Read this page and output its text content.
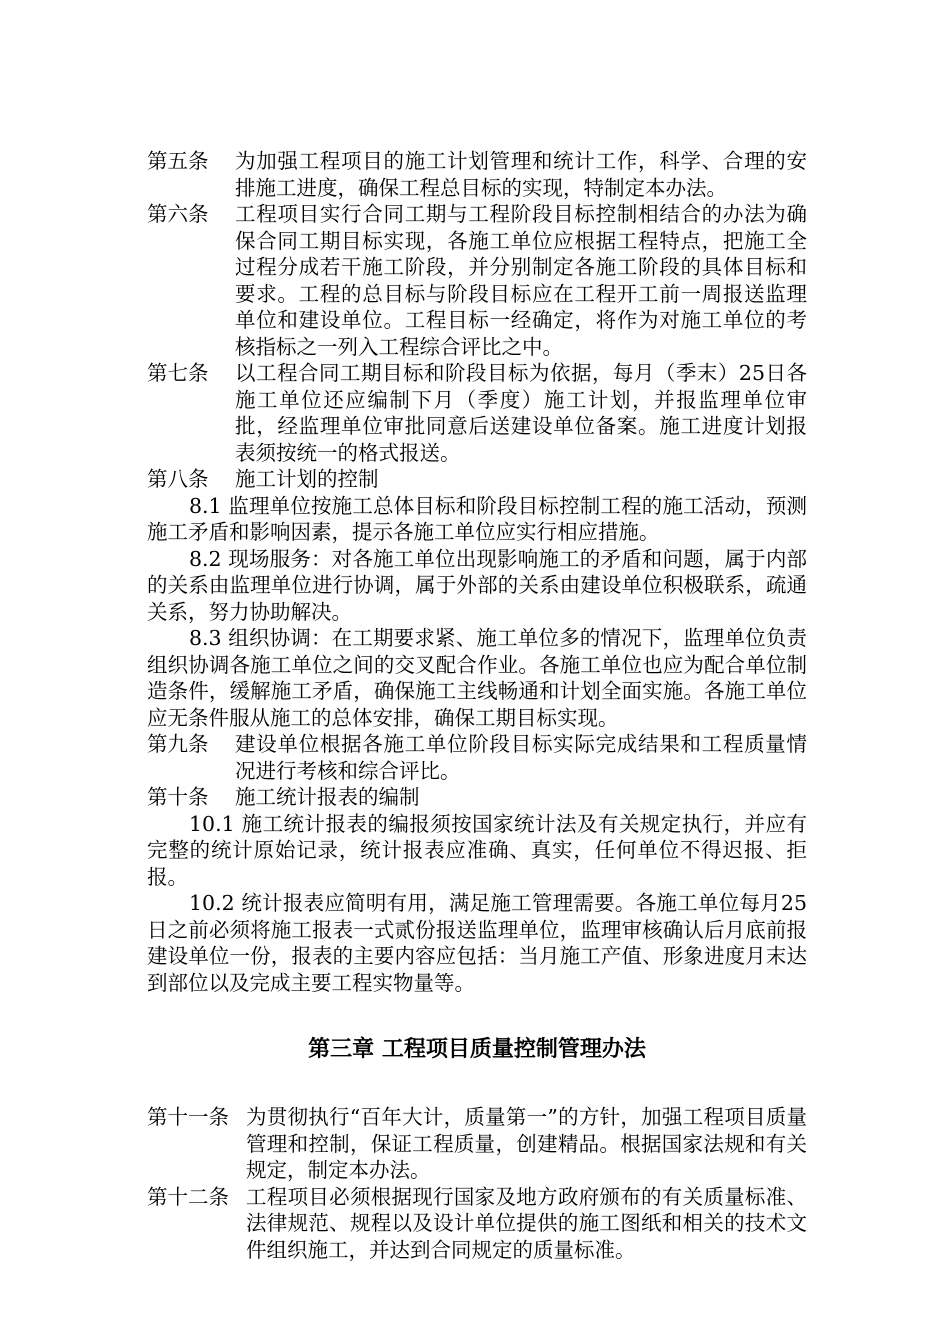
第五条	为加强工程项目的施工计划管理和统计工作，科学、合理的安排施工进度，确保工程总目标的实现，特制定本办法。
第六条	工程项目实行合同工期与工程阶段目标控制相结合的办法为确保合同工期目标实现，各施工单位应根据工程特点，把施工全过程分成若干施工阶段，并分别制定各施工阶段的具体目标和要求。工程的总目标与阶段目标应在工程开工前一周报送监理单位和建设单位。工程目标一经确定，将作为对施工单位的考核指标之一列入工程综合评比之中。
第七条	以工程合同工期目标和阶段目标为依据，每月（季末）25日各施工单位还应编制下月（季度）施工计划，并报监理单位审批，经监理单位审批同意后送建设单位备案。施工进度计划报表须按统一的格式报送。
第八条	施工计划的控制
8.1 监理单位按施工总体目标和阶段目标控制工程的施工活动，预测施工矛盾和影响因素，提示各施工单位应实行相应措施。
8.2 现场服务：对各施工单位出现影响施工的矛盾和问题，属于内部的关系由监理单位进行协调，属于外部的关系由建设单位积极联系，疏通关系，努力协助解决。
8.3 组织协调：在工期要求紧、施工单位多的情况下，监理单位负责组织协调各施工单位之间的交叉配合作业。各施工单位也应为配合单位制造条件，缓解施工矛盾，确保施工主线畅通和计划全面实施。各施工单位应无条件服从施工的总体安排，确保工期目标实现。
第九条	建设单位根据各施工单位阶段目标实际完成结果和工程质量情况进行考核和综合评比。
第十条	施工统计报表的编制
10.1 施工统计报表的编报须按国家统计法及有关规定执行，并应有完整的统计原始记录，统计报表应准确、真实，任何单位不得迟报、拒报。
10.2 统计报表应简明有用，满足施工管理需要。各施工单位每月25日之前必须将施工报表一式贰份报送监理单位，监理审核确认后月底前报建设单位一份，报表的主要内容应包括：当月施工产值、形象进度月末达到部位以及完成主要工程实物量等。
第三章 工程项目质量控制管理办法
第十一条 为贯彻执行“百年大计，质量第一”的方针，加强工程项目质量管理和控制，保证工程质量，创建精品。根据国家法规和有关规定，制定本办法。
第十二条 工程项目必须根据现行国家及地方政府颁布的有关质量标准、法律规范、规程以及设计单位提供的施工图纸和相关的技术文件组织施工，并达到合同规定的质量标准。
